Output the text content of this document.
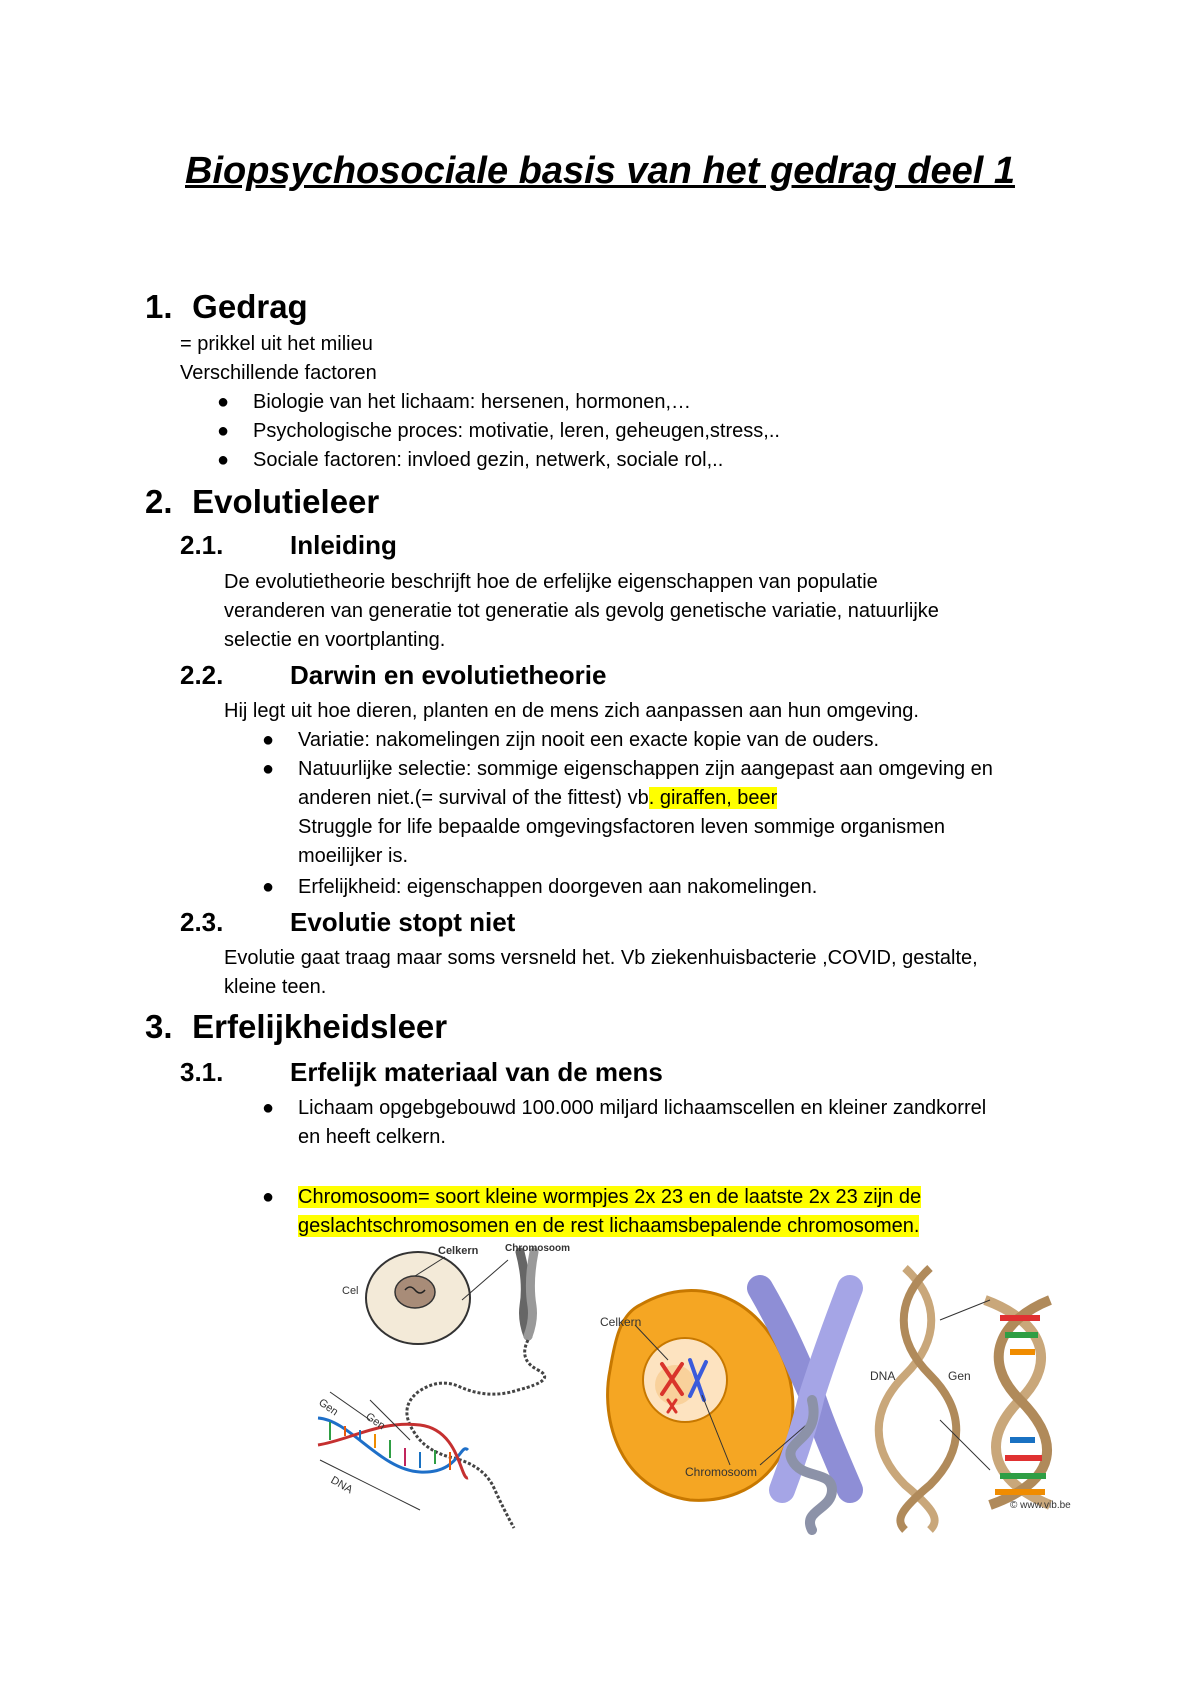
Biopsychosociale basis van het gedrag deel 1
1. Gedrag
= prikkel uit het milieu
Verschillende factoren
● Biologie van het lichaam: hersenen, hormonen,…
● Psychologische proces: motivatie, leren, geheugen,stress,..
● Sociale factoren: invloed gezin, netwerk, sociale rol,..
2. Evolutieleer
2.1.	Inleiding
De evolutietheorie beschrijft hoe de erfelijke eigenschappen van populatie
veranderen van generatie tot generatie als gevolg genetische variatie, natuurlijke
selectie en voortplanting.
2.2.	Darwin en evolutietheorie
Hij legt uit hoe dieren, planten en de mens zich aanpassen aan hun omgeving.
● Variatie: nakomelingen zijn nooit een exacte kopie van de ouders.
● Natuurlijke selectie: sommige eigenschappen zijn aangepast aan omgeving en
anderen niet.(= survival of the fittest) vb. giraffen, beer
Struggle for life bepaalde omgevingsfactoren leven sommige organismen
moeilijker is.
● Erfelijkheid: eigenschappen doorgeven aan nakomelingen.
2.3.	Evolutie stopt niet
Evolutie gaat traag maar soms versneld het. Vb ziekenhuisbacterie ,COVID, gestalte,
kleine teen.
3. Erfelijkheidsleer
3.1.	Erfelijk materiaal van de mens
● Lichaam opgebgebouwd 100.000 miljard lichaamscellen en kleiner zandkorrel
en heeft celkern.
● Chromosoom= soort kleine wormpjes 2x 23 en de laatste 2x 23 zijn de
geslachtschromosomen en de rest lichaamsbepalende chromosomen.
Cel
Celkern	Chromosoom
Gen
Gen
DNA
Celkern
Chromosoom
DNA	Gen
© www.vib.be
